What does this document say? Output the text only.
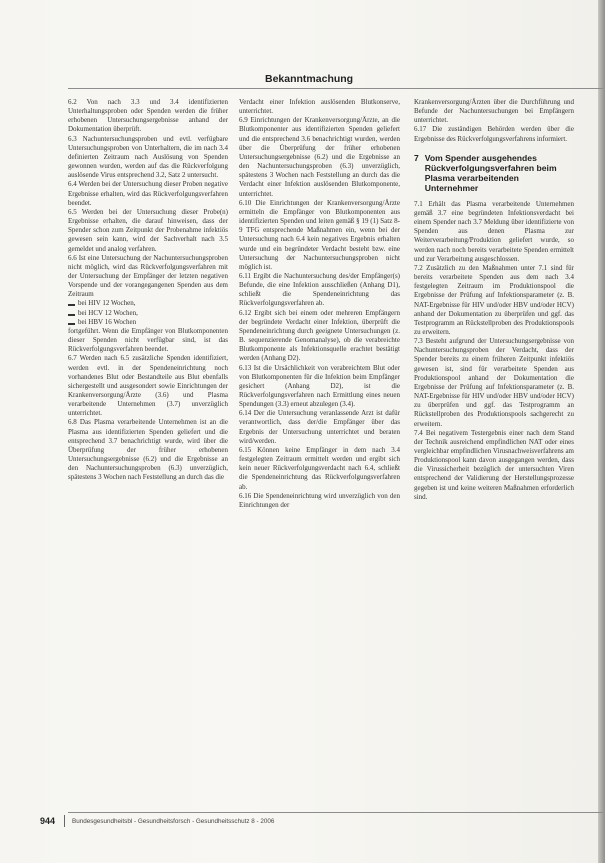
Bekanntmachung

6.2 Von nach 3.3 und 3.4 identifizierten Unterhaltungsproben oder Spenden werden die früher erhobenen Untersuchungsergebnisse anhand der Dokumentation überprüft.

6.3 Nachuntersuchungsproben und evtl. verfügbare Untersuchungsproben von Unterhaltern, die im nach 3.4 definierten Zeitraum nach Auslösung von Spenden gewonnen wurden, werden auf das die Rückverfolgung auslösende Virus entsprechend 3.2, Satz 2 untersucht.

6.4 Werden bei der Untersuchung dieser Proben negative Ergebnisse erhalten, wird das Rückverfolgungsverfahren beendet.

6.5 Werden bei der Untersuchung dieser Probe(n) Ergebnisse erhalten, die darauf hinweisen, dass der Spender schon zum Zeitpunkt der Probenahme infektiös gewesen sein kann, wird der Sachverhalt nach 3.5 gemeldet und analog verfahren.

6.6 Ist eine Untersuchung der Nachuntersuchungsproben nicht möglich, wird das Rückverfolgungsverfahren mit der Untersuchung der Empfänger der letzten negativen Vorspende und der vorangegangenen Spenden aus dem Zeitraum

bei HIV 12 Wochen,
bei HCV 12 Wochen,
bei HBV 16 Wochen

fortgeführt. Wenn die Empfänger von Blutkomponenten dieser Spenden nicht verfügbar sind, ist das Rückverfolgungsverfahren beendet.

6.7 Werden nach 6.5 zusätzliche Spenden identifiziert, werden evtl. in der Spendeneinrichtung noch vorhandenes Blut oder Bestandteile aus Blut ebenfalls sichergestellt und ausgesondert sowie Einrichtungen der Krankenversorgung/Ärzte (3.6) und Plasma verarbeitende Unternehmen (3.7) unverzüglich unterrichtet.

6.8 Das Plasma verarbeitende Unternehmen ist an die Plasma aus identifizierten Spenden geliefert und die entsprechend 3.7 benachrichtigt wurde, wird über die Überprüfung der früher erhobenen Untersuchungsergebnisse (6.2) und die Ergebnisse an den Nachuntersuchungsproben (6.3) unverzüglich, spätestens 3 Wochen nach Feststellung an durch das die

Verdacht einer Infektion auslösenden Blutkonserve, unterrichtet.

6.9 Einrichtungen der Krankenversorgung/Ärzte, an die Blutkomponenter aus identifizierten Spenden geliefert und die entsprechend 3.6 benachrichtigt wurden, werden über die Überprüfung der früher erhobenen Untersuchungsergebnisse (6.2) und die Ergebnisse an den Nachuntersuchungsproben (6.3) unverzüglich, spätestens 3 Wochen nach Feststellung an durch das die Verdacht einer Infektion auslösenden Blutkomponente, unterrichtet.

6.10 Die Einrichtungen der Krankenversorgung/Ärzte ermitteln die Empfänger von Blutkomponenten aus identifizierten Spenden und leiten gemäß § 19 (1) Satz 8-9 TFG entsprechende Maßnahmen ein, wenn bei der Untersuchung nach 6.4 kein negatives Ergebnis erhalten wurde und ein begründeter Verdacht besteht bzw. eine Untersuchung der Nachuntersuchungsproben nicht möglich ist.

6.11 Ergibt die Nachuntersuchung des/der Empfänger(s) Befunde, die eine Infektion ausschließen (Anhang D1), schließt die Spendeneinrichtung das Rückverfolgungsverfahren ab.

6.12 Ergibt sich bei einem oder mehreren Empfängern der begründete Verdacht einer Infektion, überprüft die Spendeneinrichtung durch geeignete Untersuchungen (z. B. sequenzierende Genomanalyse), ob die verabreichte Blutkomponente als Infektionsquelle erachtet bestätigt werden (Anhang D2).

6.13 Ist die Ursächlichkeit von verabreichtem Blut oder von Blutkomponenten für die Infektion beim Empfänger gesichert (Anhang D2), ist die Rückverfolgungsverfahren nach Ermittlung eines neuen Spendungen (3.3) erneut abzulegen (3.4).

6.14 Der die Untersuchung veranlassende Arzt ist dafür verantwortlich, dass der/die Empfänger über das Ergebnis der Untersuchung unterrichtet und beraten wird/werden.

6.15 Können keine Empfänger in dem nach 3.4 festgelegten Zeitraum ermittelt werden und ergibt sich kein neuer Rückverfolgungsverdacht nach 6.4, schließt die Spendeneinrichtung das Rückverfolgungsverfahren ab.

6.16 Die Spendeneinrichtung wird unverzüglich von den Einrichtungen der

Krankenversorgung/Ärzten über die Durchführung und Befunde der Nachuntersuchungen bei Empfängern unterrichtet.

6.17 Die zuständigen Behörden werden über die Ergebnisse des Rückverfolgungsverfahrens informiert.

7 Vom Spender ausgehendes Rückverfolgungsverfahren beim Plasma verarbeitenden Unternehmer

7.1 Erhält das Plasma verarbeitende Unternehmen gemäß 3.7 eine begründeten Infektionsverdacht bei einem Spender nach 3.7 Meldung über identifizierte von Spenden aus denen Plasma zur Weiterverarbeitung/Produktion geliefert wurde, so werden nach noch bereits verarbeitete Spenden ermittelt und zur Verarbeitung ausgeschlossen.

7.2 Zusätzlich zu den Maßnahmen unter 7.1 sind für bereits verarbeitete Spenden aus dem nach 3.4 festgelegten Zeitraum im Produktionspool die Ergebnisse der Prüfung auf Infektionsparameter (z. B. NAT-Ergebnisse für HIV und/oder HBV und/oder HCV) anhand der Dokumentation zu überprüfen und ggf. das Testprogramm an Rückstellproben des Produktionspools zu erweitern.

7.3 Besteht aufgrund der Untersuchungsergebnisse von Nachuntersuchungsproben der Verdacht, dass der Spender bereits zu einem früheren Zeitpunkt infektiös gewesen ist, sind für verarbeitete Spenden aus Produktionspool anhand der Dokumentation die Ergebnisse der Prüfung auf Infektionsparameter (z. B. NAT-Ergebnisse für HIV und/oder HBV und/oder HCV) zu überprüfen und ggf. das Testprogramm an Rückstellproben des Produktionspools sachgerecht zu erweitern.

7.4 Bei negativem Testergebnis einer nach dem Stand der Technik ausreichend empfindlichen NAT oder eines vergleichbar empfindlichen Virusnachweisverfahrens am Produktionspool kann davon ausgegangen werden, dass die Virussicherheit bezüglich der untersuchten Viren entsprechend der Validierung der Herstellungsprozesse gegeben ist und keine weiteren Maßnahmen erforderlich sind.

944	Bundesgesundheitsbl - Gesundheitsforsch - Gesundheitsschutz 8 - 2006
